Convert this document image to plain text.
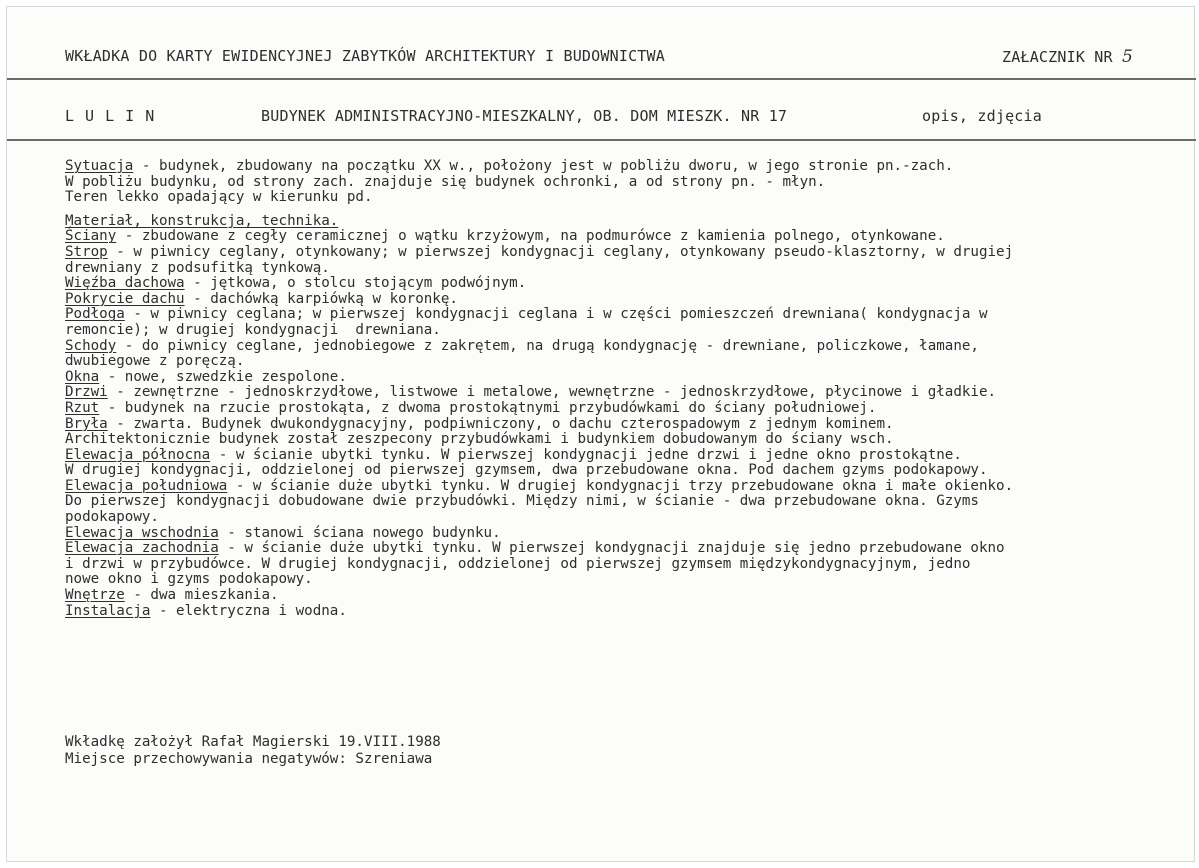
WKŁADKA DO KARTY EWIDENCYJNEJ ZABYTKÓW ARCHITEKTURY I BUDOWNICTWA	ZAŁACZNIK NR 5
L U L I N	BUDYNEK ADMINISTRACYJNO-MIESZKALNY, OB. DOM MIESZK. NR 17	opis, zdjęcia

Sytuacja - budynek, zbudowany na początku XX w., położony jest w pobliżu dworu, w jego stronie pn.-zach.
W pobliżu budynku, od strony zach. znajduje się budynek ochronki, a od strony pn. - młyn.
Teren lekko opadający w kierunku pd.

Materiał, konstrukcja, technika.

Ściany - zbudowane z cegły ceramicznej o wątku krzyżowym, na podmurówce z kamienia polnego, otynkowane.

Strop - w piwnicy ceglany, otynkowany; w pierwszej kondygnacji ceglany, otynkowany pseudo-klasztorny, w drugiej
drewniany z podsufitką tynkową.

Więźba dachowa - jętkowa, o stolcu stojącym podwójnym.

Pokrycie dachu - dachówką karpiówką w koronkę.

Podłoga - w piwnicy ceglana; w pierwszej kondygnacji ceglana i w części pomieszczeń drewniana( kondygnacja w
remoncie); w drugiej kondygnacji  drewniana.

Schody - do piwnicy ceglane, jednobiegowe z zakrętem, na drugą kondygnację - drewniane, policzkowe, łamane,
dwubiegowe z poręczą.

Okna - nowe, szwedzkie zespolone.

Drzwi - zewnętrzne - jednoskrzydłowe, listwowe i metalowe, wewnętrzne - jednoskrzydłowe, płycinowe i gładkie.

Rzut - budynek na rzucie prostokąta, z dwoma prostokątnymi przybudówkami do ściany południowej.

Bryła - zwarta. Budynek dwukondygnacyjny, podpiwniczony, o dachu czterospadowym z jednym kominem.
Architektonicznie budynek został zeszpecony przybudówkami i budynkiem dobudowanym do ściany wsch.

Elewacja północna - w ścianie ubytki tynku. W pierwszej kondygnacji jedne drzwi i jedne okno prostokątne.
W drugiej kondygnacji, oddzielonej od pierwszej gzymsem, dwa przebudowane okna. Pod dachem gzyms podokapowy.

Elewacja południowa - w ścianie duże ubytki tynku. W drugiej kondygnacji trzy przebudowane okna i małe okienko.
Do pierwszej kondygnacji dobudowane dwie przybudówki. Między nimi, w ścianie - dwa przebudowane okna. Gzyms
podokapowy.

Elewacja wschodnia - stanowi ściana nowego budynku.

Elewacja zachodnia - w ścianie duże ubytki tynku. W pierwszej kondygnacji znajduje się jedno przebudowane okno
i drzwi w przybudówce. W drugiej kondygnacji, oddzielonej od pierwszej gzymsem międzykondygnacyjnym, jedno
nowe okno i gzyms podokapowy.

Wnętrze - dwa mieszkania.

Instalacja - elektryczna i wodna.

Wkładkę założył Rafał Magierski 19.VIII.1988
Miejsce przechowywania negatywów: Szreniawa
